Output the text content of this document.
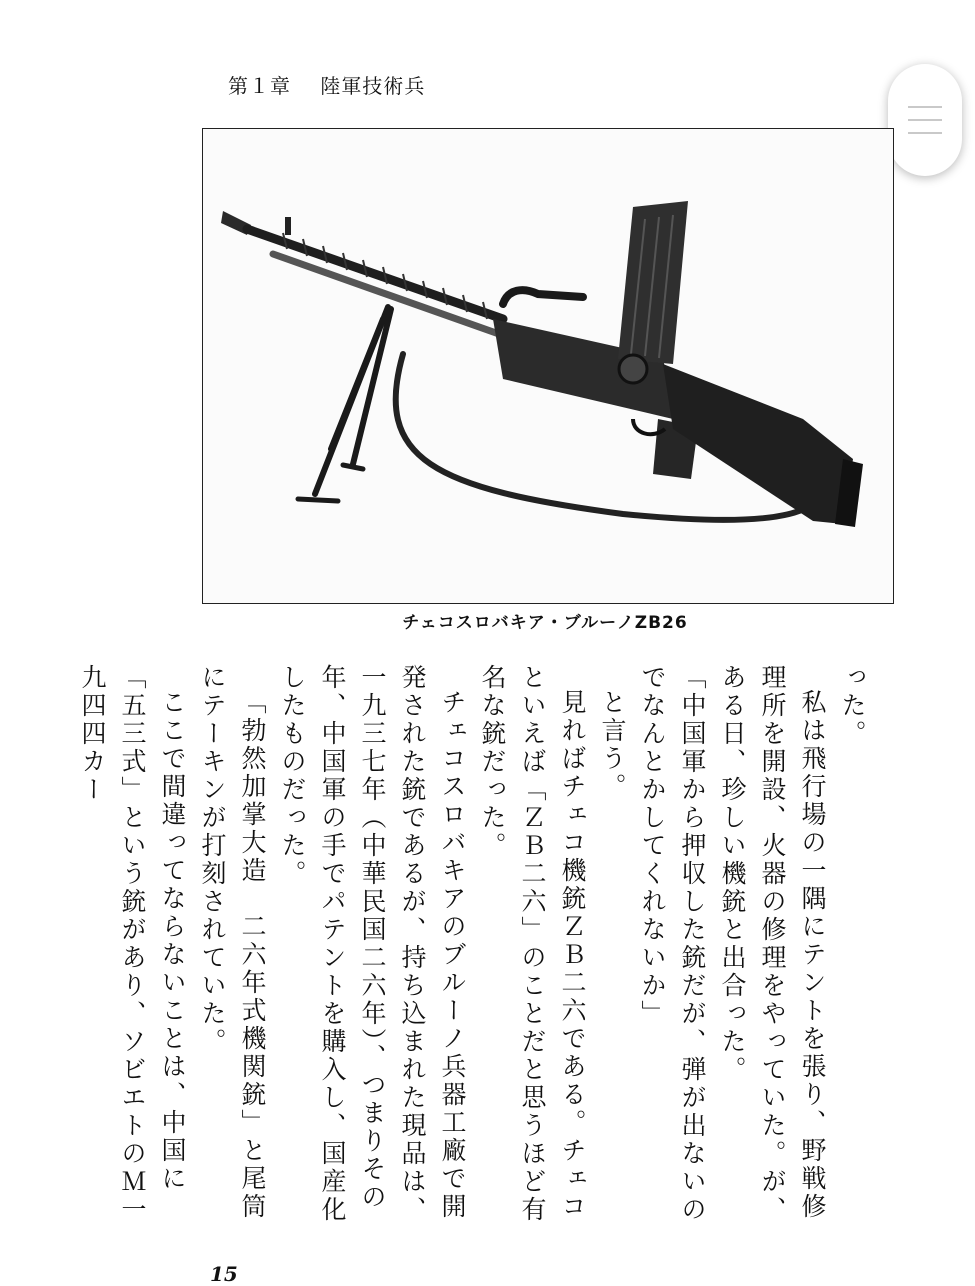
第１章 陸軍技術兵
チェコスロバキア・ブルーノZB26

った。

私は飛行場の一隅にテントを張り、野戦修理所を開設、火器の修理をやっていた。が、ある日、珍しい機銃と出合った。

「中国軍から押収した銃だが、弾が出ないのでなんとかしてくれないか」

と言う。

見ればチェコ機銃ＺＢ二六である。チェコといえば「ＺＢ二六」のことだと思うほど有名な銃だった。

チェコスロバキアのブルーノ兵器工廠で開発された銃であるが、持ち込まれた現品は、一九三七年（中華民国二六年）、つまりその年、中国軍の手でパテントを購入し、国産化したものだった。

「勃然加掌大造　二六年式機関銃」と尾筒にテーキンが打刻されていた。

ここで間違ってならないことは、中国に「五三式」という銃があり、ソビエトのＭ一九四四カー

15
